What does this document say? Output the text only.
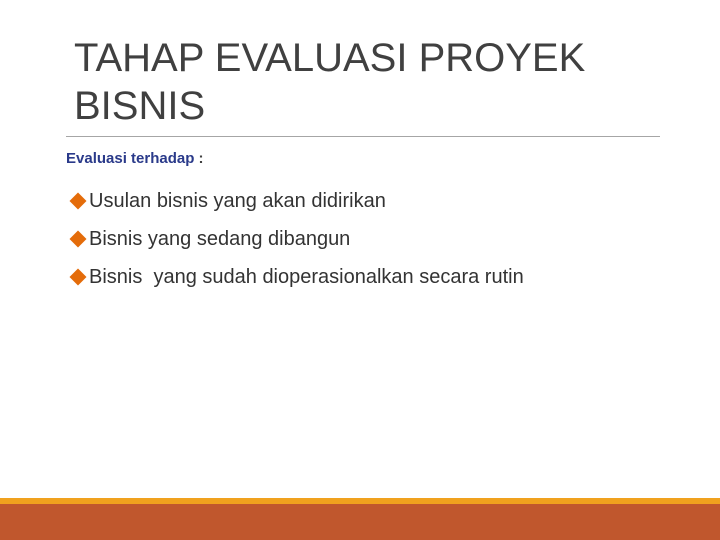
TAHAP EVALUASI PROYEK
BISNIS
Evaluasi terhadap :
Usulan bisnis yang akan didirikan
Bisnis yang sedang dibangun
Bisnis  yang sudah dioperasionalkan secara rutin
